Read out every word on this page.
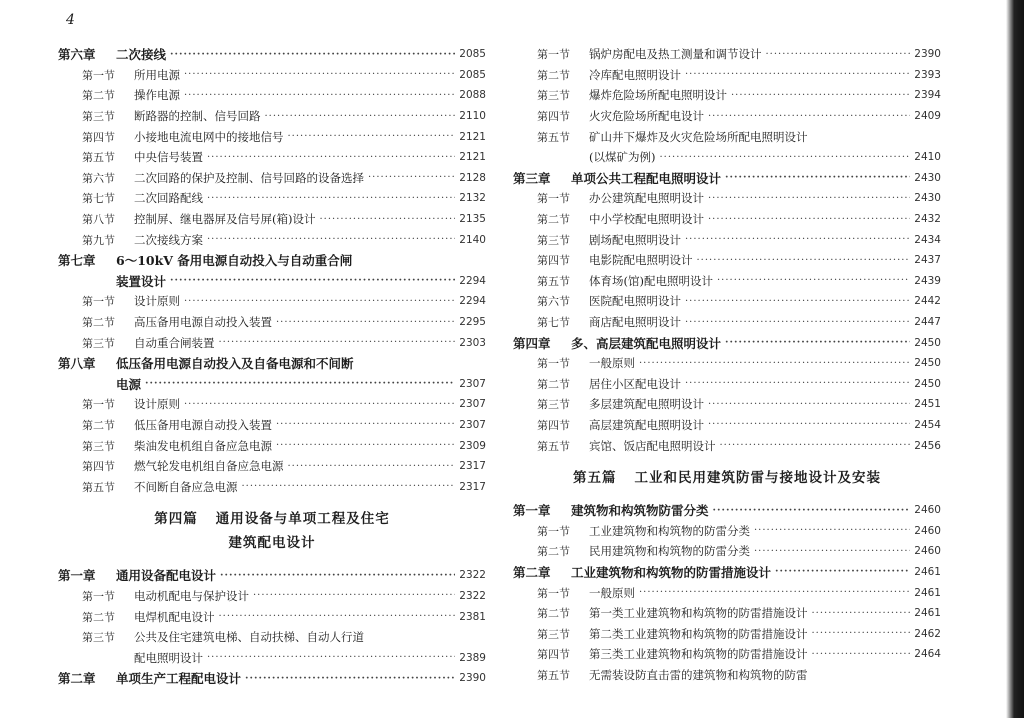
4
第六章	二次接线 ·····	2085
第一节	所用电源 ·····	2085
第二节	操作电源 ·····	2088
第三节	断路器的控制、信号回路 ·····	2110
第四节	小接地电流电网中的接地信号 ·····	2121
第五节	中央信号装置 ·····	2121
第六节	二次回路的保护及控制、信号回路的设备选择 ·····	2128
第七节	二次回路配线 ·····	2132
第八节	控制屏、继电器屏及信号屏(箱)设计 ·····	2135
第九节	二次接线方案 ·····	2140
第七章	6～10kV 备用电源自动投入与自动重合闸
装置设计 ·····	2294
第一节	设计原则 ·····	2294
第二节	高压备用电源自动投入装置 ·····	2295
第三节	自动重合闸装置 ·····	2303
第八章	低压备用电源自动投入及自备电源和不间断
电源 ·····	2307
第一节	设计原则 ·····	2307
第二节	低压备用电源自动投入装置 ·····	2307
第三节	柴油发电机组自备应急电源 ·····	2309
第四节	燃气轮发电机组自备应急电源 ·····	2317
第五节	不间断自备应急电源 ·····	2317
第四篇 通用设备与单项工程及住宅
建筑配电设计
第一章	通用设备配电设计 ·····	2322
第一节	电动机配电与保护设计 ·····	2322
第二节	电焊机配电设计 ·····	2381
第三节	公共及住宅建筑电梯、自动扶梯、自动人行道
配电照明设计 ·····	2389
第二章	单项生产工程配电设计 ·····	2390
第一节	锅炉房配电及热工测量和调节设计 ·····	2390
第二节	冷库配电照明设计 ·····	2393
第三节	爆炸危险场所配电照明设计 ·····	2394
第四节	火灾危险场所配电设计 ·····	2409
第五节	矿山井下爆炸及火灾危险场所配电照明设计
(以煤矿为例) ·····	2410
第三章	单项公共工程配电照明设计 ·····	2430
第一节	办公建筑配电照明设计 ·····	2430
第二节	中小学校配电照明设计 ·····	2432
第三节	剧场配电照明设计 ·····	2434
第四节	电影院配电照明设计 ·····	2437
第五节	体育场(馆)配电照明设计 ·····	2439
第六节	医院配电照明设计 ·····	2442
第七节	商店配电照明设计 ·····	2447
第四章	多、高层建筑配电照明设计 ·····	2450
第一节	一般原则 ·····	2450
第二节	居住小区配电设计 ·····	2450
第三节	多层建筑配电照明设计 ·····	2451
第四节	高层建筑配电照明设计 ·····	2454
第五节	宾馆、饭店配电照明设计 ·····	2456
第五篇 工业和民用建筑防雷与接地设计及安装
第一章	建筑物和构筑物防雷分类 ·····	2460
第一节	工业建筑物和构筑物的防雷分类 ·····	2460
第二节	民用建筑物和构筑物的防雷分类 ·····	2460
第二章	工业建筑物和构筑物的防雷措施设计 ·····	2461
第一节	一般原则 ·····	2461
第二节	第一类工业建筑物和构筑物的防雷措施设计 ·····	2461
第三节	第二类工业建筑物和构筑物的防雷措施设计 ·····	2462
第四节	第三类工业建筑物和构筑物的防雷措施设计 ·····	2464
第五节	无需装设防直击雷的建筑物和构筑物的防雷
